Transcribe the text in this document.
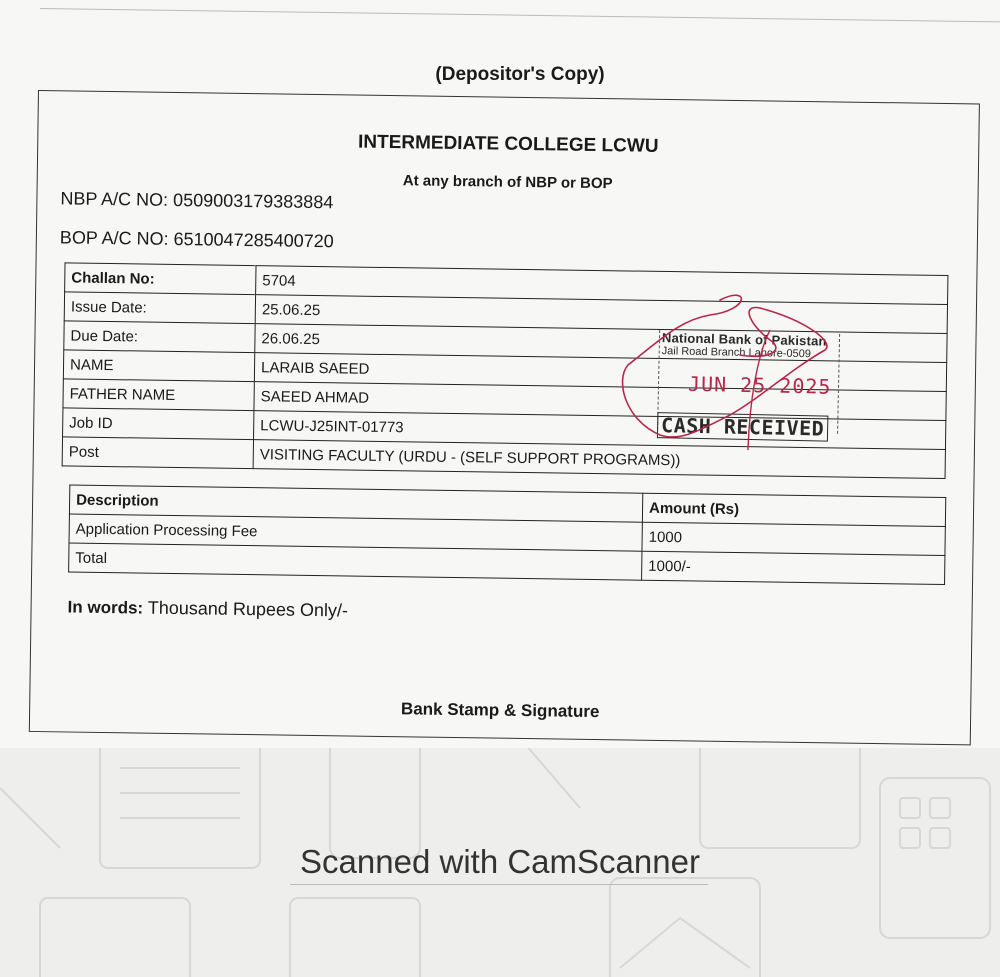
(Depositor's Copy)
INTERMEDIATE COLLEGE LCWU
At any branch of NBP or BOP
NBP A/C NO: 0509003179383884
BOP A/C NO: 6510047285400720
Challan No:	5704
Issue Date:	25.06.25
Due Date:	26.06.25
NAME	LARAIB SAEED
FATHER NAME	SAEED AHMAD
Job ID	LCWU-J25INT-01773
Post	VISITING FACULTY (URDU - (SELF SUPPORT PROGRAMS))
Description	Amount (Rs)
Application Processing Fee	1000
Total	1000/-
In words: Thousand Rupees Only/-
Bank Stamp & Signature
National Bank of Pakistan
Jail Road Branch Lahore-0509
JUN 25 2025
CASH RECEIVED
Scanned with CamScanner
